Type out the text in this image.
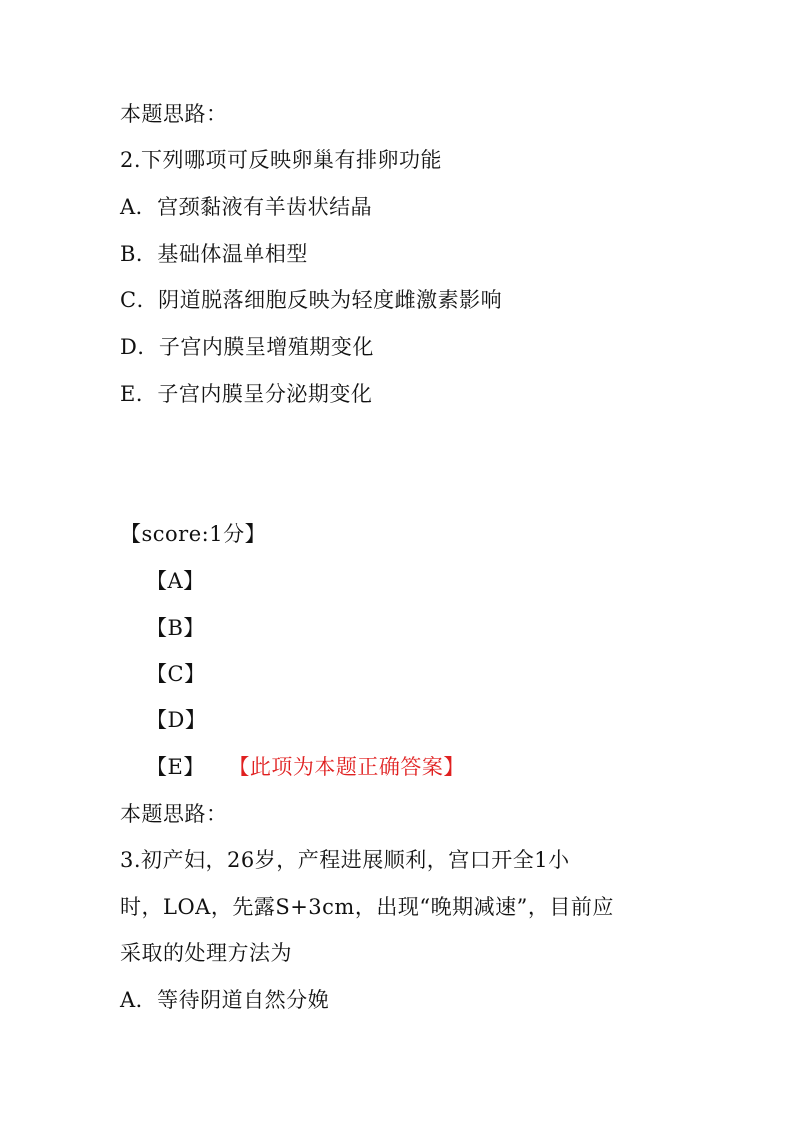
本题思路：
2.下列哪项可反映卵巢有排卵功能
A．宫颈黏液有羊齿状结晶
B．基础体温单相型
C．阴道脱落细胞反映为轻度雌激素影响
D．子宫内膜呈增殖期变化
E．子宫内膜呈分泌期变化
【score:1分】
【A】
【B】
【C】
【D】
【E】 【此项为本题正确答案】
本题思路：
3.初产妇，26岁，产程进展顺利，宫口开全1小
时，LOA，先露S+3cm，出现“晚期减速”，目前应
采取的处理方法为
A．等待阴道自然分娩
